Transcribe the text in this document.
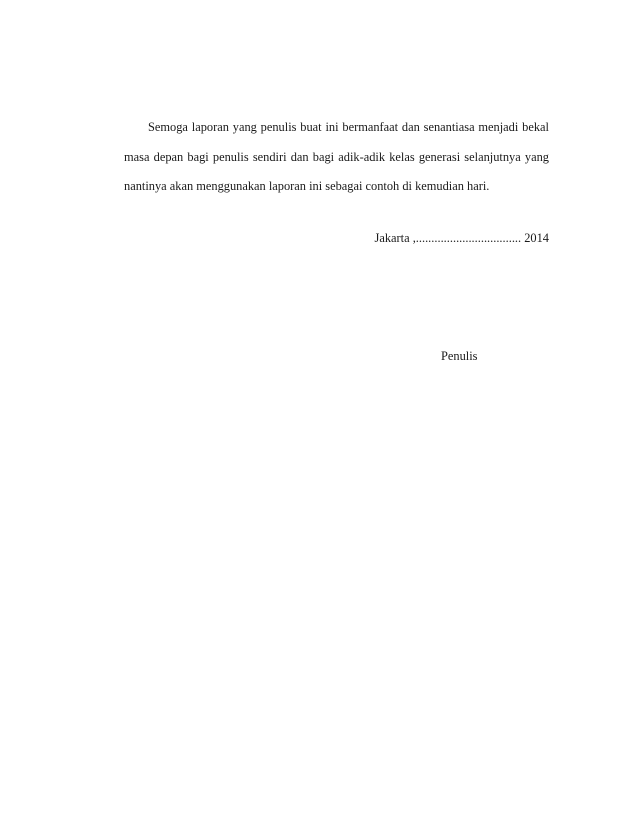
Semoga laporan yang penulis buat ini bermanfaat dan senantiasa menjadi bekal
masa depan bagi penulis sendiri dan bagi adik-adik kelas generasi selanjutnya yang
nantinya akan menggunakan laporan ini sebagai contoh di kemudian hari.

Jakarta ,.................................. 2014

Penulis
